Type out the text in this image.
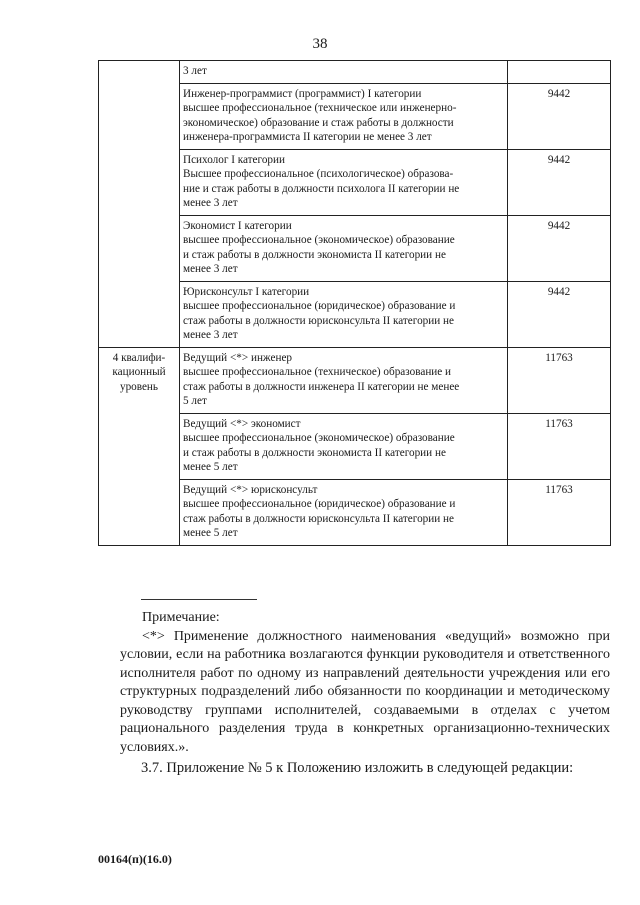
38

	3 лет	

	Инженер-программист (программист) I категории
высшее профессиональное (техническое или инженерно-
экономическое) образование и стаж работы в должности
инженера-программиста II категории не менее 3 лет	9442

	Психолог I категории
Высшее профессиональное (психологическое) образова-
ние и стаж работы в должности психолога II категории не
менее 3 лет	9442

	Экономист I категории
высшее профессиональное (экономическое) образование
и стаж работы в должности экономиста II категории не
менее 3 лет	9442

	Юрисконсульт I категории
высшее профессиональное (юридическое) образование и
стаж работы в должности юрисконсульта II категории не
менее 3 лет	9442

4 квалифи-
кационный
уровень	Ведущий <*> инженер
высшее профессиональное (техническое) образование и
стаж работы в должности инженера II категории не менее
5 лет	11763

	Ведущий <*> экономист
высшее профессиональное (экономическое) образование
и стаж работы в должности экономиста II категории не
менее 5 лет	11763

	Ведущий <*> юрисконсульт
высшее профессиональное (юридическое) образование и
стаж работы в должности юрисконсульта II категории не
менее 5 лет	11763
Примечание:
<*> Применение должностного наименования «ведущий» возможно при условии, если на работника возлагаются функции руководителя и ответственного исполнителя работ по одному из направлений деятельности учреждения или его структурных подразделений либо обязанности по координации и методическому руководству группами исполнителей, создаваемыми в отделах с учетом рационального разделения труда в конкретных организационно-технических условиях.».
3.7. Приложение № 5 к Положению изложить в следующей редакции:
00164(п)(16.0)
